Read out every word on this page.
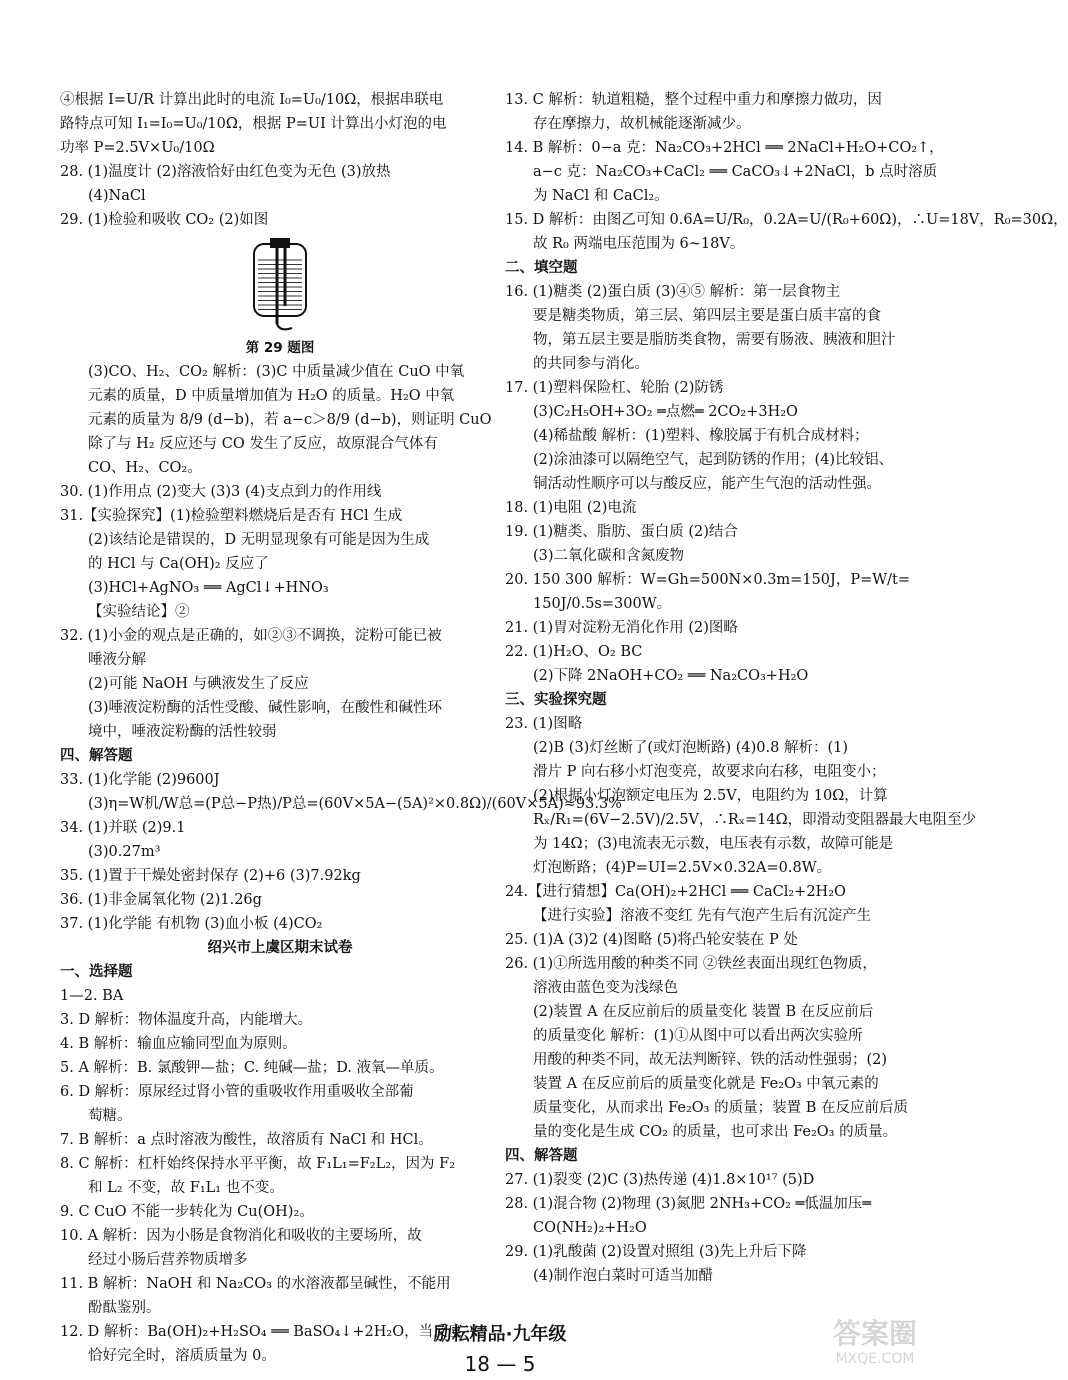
④根据 I=U/R 计算出此时的电流 I₀=U₀/10Ω，根据串联电
路特点可知 I₁=I₀=U₀/10Ω，根据 P=UI 计算出小灯泡的电
功率 P=2.5V×U₀/10Ω
28. (1)温度计 (2)溶液恰好由红色变为无色 (3)放热
(4)NaCl
29. (1)检验和吸收 CO₂ (2)如图
第 29 题图
(3)CO、H₂、CO₂ 解析：(3)C 中质量减少值在 CuO 中氧
元素的质量，D 中质量增加值为 H₂O 的质量。H₂O 中氧
元素的质量为 8/9 (d−b)，若 a−c＞8/9 (d−b)，则证明 CuO
除了与 H₂ 反应还与 CO 发生了反应，故原混合气体有
CO、H₂、CO₂。
30. (1)作用点 (2)变大 (3)3 (4)支点到力的作用线
31.【实验探究】(1)检验塑料燃烧后是否有 HCl 生成
(2)该结论是错误的，D 无明显现象有可能是因为生成
的 HCl 与 Ca(OH)₂ 反应了
(3)HCl+AgNO₃ ══ AgCl↓+HNO₃
【实验结论】②
32. (1)小金的观点是正确的，如②③不调换，淀粉可能已被
唾液分解
(2)可能 NaOH 与碘液发生了反应
(3)唾液淀粉酶的活性受酸、碱性影响，在酸性和碱性环
境中，唾液淀粉酶的活性较弱
四、解答题
33. (1)化学能 (2)9600J
(3)η=W机/W总=(P总−P热)/P总=(60V×5A−(5A)²×0.8Ω)/(60V×5A)≈93.3%
34. (1)并联 (2)9.1
(3)0.27m³
35. (1)置于干燥处密封保存 (2)+6 (3)7.92kg
36. (1)非金属氧化物 (2)1.26g
37. (1)化学能 有机物 (3)血小板 (4)CO₂
绍兴市上虞区期末试卷
一、选择题
1—2. BA
3. D 解析：物体温度升高，内能增大。
4. B 解析：输血应输同型血为原则。
5. A 解析：B. 氯酸钾—盐；C. 纯碱—盐；D. 液氧—单质。
6. D 解析：原尿经过肾小管的重吸收作用重吸收全部葡
萄糖。
7. B 解析：a 点时溶液为酸性，故溶质有 NaCl 和 HCl。
8. C 解析：杠杆始终保持水平平衡，故 F₁L₁=F₂L₂，因为 F₂
和 L₂ 不变，故 F₁L₁ 也不变。
9. C CuO 不能一步转化为 Cu(OH)₂。
10. A 解析：因为小肠是食物消化和吸收的主要场所，故
经过小肠后营养物质增多
11. B 解析：NaOH 和 Na₂CO₃ 的水溶液都呈碱性，不能用
酚酞鉴别。
12. D 解析：Ba(OH)₂+H₂SO₄ ══ BaSO₄↓+2H₂O，当反应
恰好完全时，溶质质量为 0。
13. C 解析：轨道粗糙，整个过程中重力和摩擦力做功，因
存在摩擦力，故机械能逐渐减少。
14. B 解析：0−a 克：Na₂CO₃+2HCl ══ 2NaCl+H₂O+CO₂↑，
a−c 克：Na₂CO₃+CaCl₂ ══ CaCO₃↓+2NaCl，b 点时溶质
为 NaCl 和 CaCl₂。
15. D 解析：由图乙可知 0.6A=U/R₀，0.2A=U/(R₀+60Ω)，∴U=18V，R₀=30Ω，
故 R₀ 两端电压范围为 6~18V。
二、填空题
16. (1)糖类 (2)蛋白质 (3)④⑤ 解析：第一层食物主
要是糖类物质，第三层、第四层主要是蛋白质丰富的食
物，第五层主要是脂肪类食物，需要有肠液、胰液和胆汁
的共同参与消化。
17. (1)塑料保险杠、轮胎 (2)防锈
(3)C₂H₅OH+3O₂ ═点燃═ 2CO₂+3H₂O
(4)稀盐酸 解析：(1)塑料、橡胶属于有机合成材料；
(2)涂油漆可以隔绝空气，起到防锈的作用；(4)比较铝、
铜活动性顺序可以与酸反应，能产生气泡的活动性强。
18. (1)电阻 (2)电流
19. (1)糖类、脂肪、蛋白质 (2)结合
(3)二氧化碳和含氮废物
20. 150 300 解析：W=Gh=500N×0.3m=150J，P=W/t=
150J/0.5s=300W。
21. (1)胃对淀粉无消化作用 (2)图略
22. (1)H₂O、O₂ BC
(2)下降 2NaOH+CO₂ ══ Na₂CO₃+H₂O
三、实验探究题
23. (1)图略
(2)B (3)灯丝断了(或灯泡断路) (4)0.8 解析：(1)
滑片 P 向右移小灯泡变亮，故要求向右移，电阻变小；
(2)根据小灯泡额定电压为 2.5V，电阻约为 10Ω，计算
Rₓ/R₁=(6V−2.5V)/2.5V，∴Rₓ=14Ω，即滑动变阻器最大电阻至少
为 14Ω；(3)电流表无示数，电压表有示数，故障可能是
灯泡断路；(4)P=UI=2.5V×0.32A=0.8W。
24.【进行猜想】Ca(OH)₂+2HCl ══ CaCl₂+2H₂O
【进行实验】溶液不变红 先有气泡产生后有沉淀产生
25. (1)A (3)2 (4)图略 (5)将凸轮安装在 P 处
26. (1)①所选用酸的种类不同 ②铁丝表面出现红色物质，
溶液由蓝色变为浅绿色
(2)装置 A 在反应前后的质量变化 装置 B 在反应前后
的质量变化 解析：(1)①从图中可以看出两次实验所
用酸的种类不同，故无法判断锌、铁的活动性强弱；(2)
装置 A 在反应前后的质量变化就是 Fe₂O₃ 中氧元素的
质量变化，从而求出 Fe₂O₃ 的质量；装置 B 在反应前后质
量的变化是生成 CO₂ 的质量，也可求出 Fe₂O₃ 的质量。
四、解答题
27. (1)裂变 (2)C (3)热传递 (4)1.8×10¹⁷ (5)D
28. (1)混合物 (2)物理 (3)氮肥 2NH₃+CO₂ ═低温加压═
CO(NH₂)₂+H₂O
29. (1)乳酸菌 (2)设置对照组 (3)先上升后下降
(4)制作泡白菜时可适当加醋
励耘精品·九年级
18 — 5
答案圈
MXQE.COM
